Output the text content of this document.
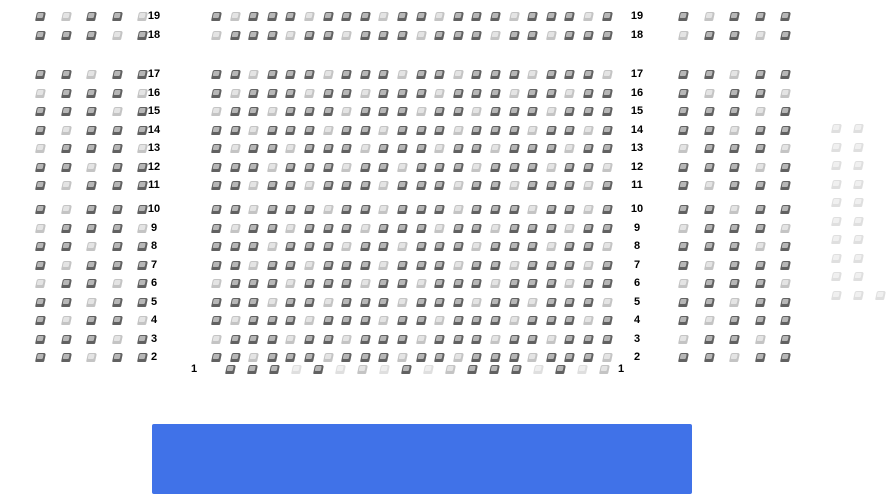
19
18
17
16
15
14
13
12
11
10
9
8
7
6
5
4
3
2
19
18
17
16
15
14
13
12
11
10
9
8
7
6
5
4
3
2
1	1
